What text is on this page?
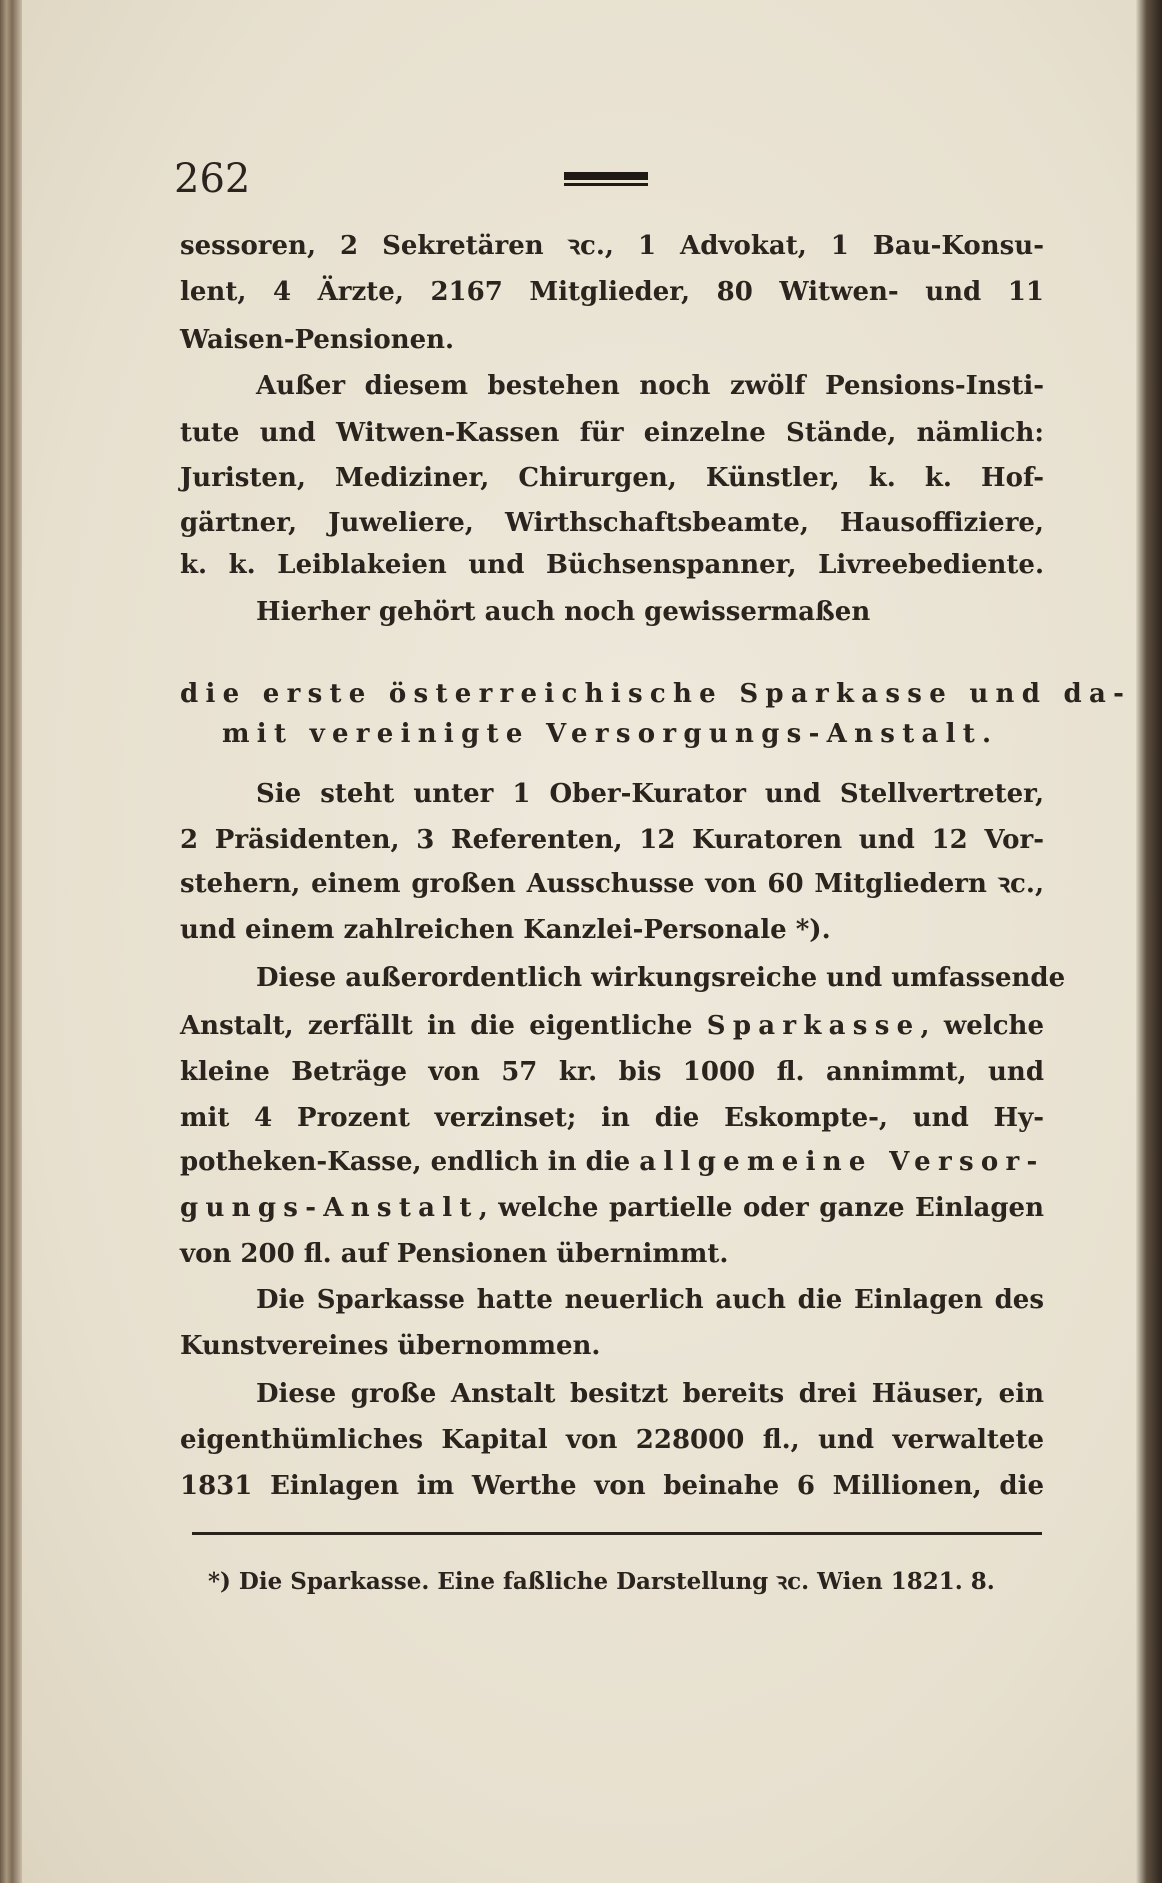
262
sessoren, 2 Sekretären ꝛc., 1 Advokat, 1 Bau-Konsu-
lent, 4 Ärzte, 2167 Mitglieder, 80 Witwen- und 11
Waisen-Pensionen.
Außer diesem bestehen noch zwölf Pensions-Insti-
tute und Witwen-Kassen für einzelne Stände, nämlich:
Juristen, Mediziner, Chirurgen, Künstler, k. k. Hof-
gärtner, Juweliere, Wirthschaftsbeamte, Hausoffiziere,
k. k. Leiblakeien und Büchsenspanner, Livreebediente.
Hierher gehört auch noch gewissermaßen
die erste österreichische Sparkasse und da-
mit vereinigte Versorgungs-Anstalt.
Sie steht unter 1 Ober-Kurator und Stellvertreter,
2 Präsidenten, 3 Referenten, 12 Kuratoren und 12 Vor-
stehern, einem großen Ausschusse von 60 Mitgliedern ꝛc.,
und einem zahlreichen Kanzlei-Personale *).
Diese außerordentlich wirkungsreiche und umfassende
Anstalt, zerfällt in die eigentliche Sparkasse, welche
kleine Beträge von 57 kr. bis 1000 fl. annimmt, und
mit 4 Prozent verzinset; in die Eskompte-, und Hy-
potheken-Kasse, endlich in die allgemeine Versor-
gungs-Anstalt, welche partielle oder ganze Einlagen
von 200 fl. auf Pensionen übernimmt.
Die Sparkasse hatte neuerlich auch die Einlagen des
Kunstvereines übernommen.
Diese große Anstalt besitzt bereits drei Häuser, ein
eigenthümliches Kapital von 228000 fl., und verwaltete
1831 Einlagen im Werthe von beinahe 6 Millionen, die
*) Die Sparkasse. Eine faßliche Darstellung ꝛc. Wien 1821. 8.
